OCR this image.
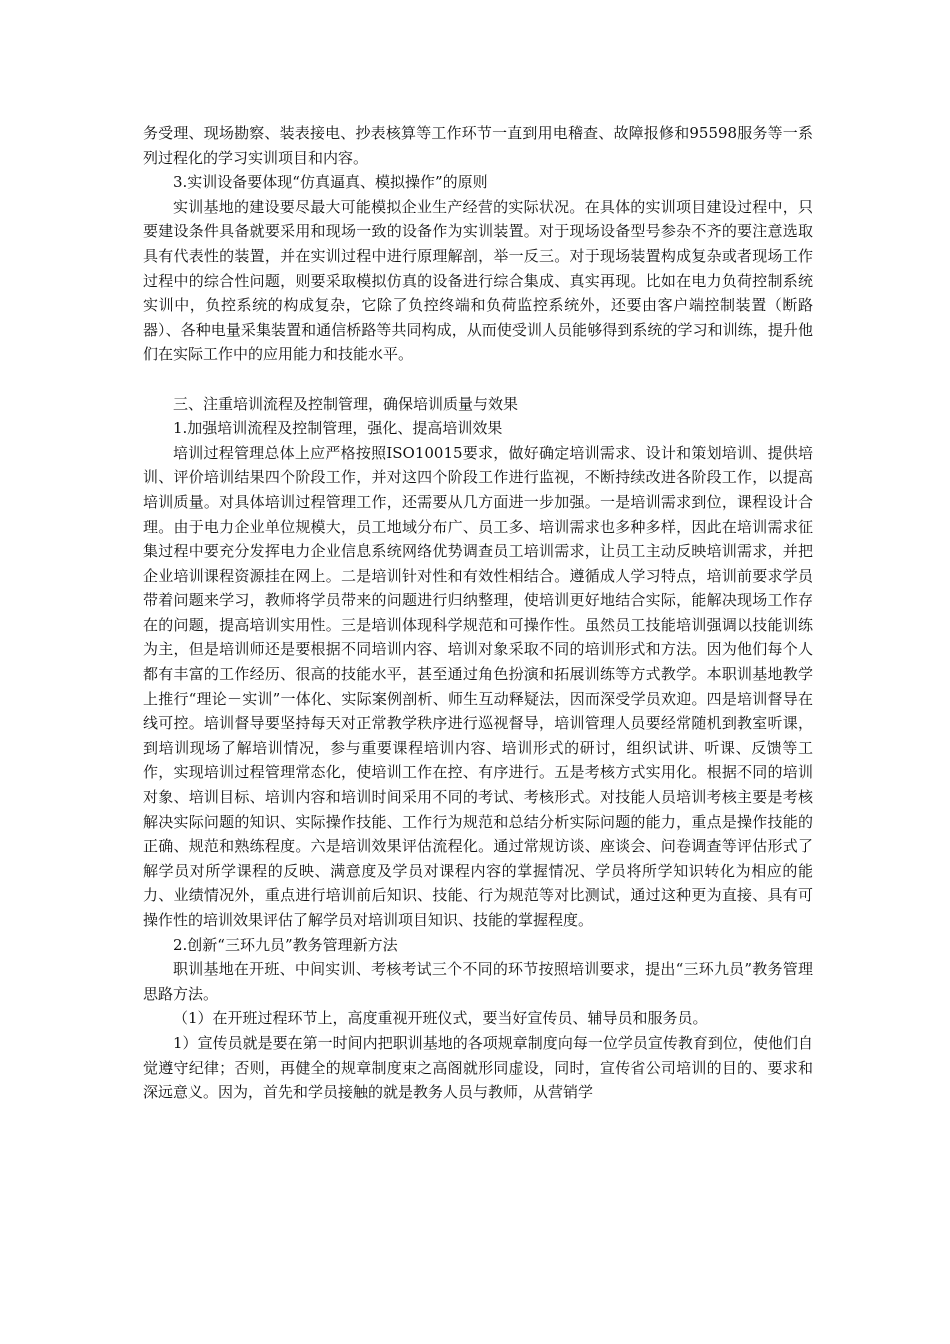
务受理、现场勘察、装表接电、抄表核算等工作环节一直到用电稽查、故障报修和95598服务等一系列过程化的学习实训项目和内容。

3.实训设备要体现“仿真逼真、模拟操作”的原则

实训基地的建设要尽最大可能模拟企业生产经营的实际状况。在具体的实训项目建设过程中，只要建设条件具备就要采用和现场一致的设备作为实训装置。对于现场设备型号参杂不齐的要注意选取具有代表性的装置，并在实训过程中进行原理解剖，举一反三。对于现场装置构成复杂或者现场工作过程中的综合性问题，则要采取模拟仿真的设备进行综合集成、真实再现。比如在电力负荷控制系统实训中，负控系统的构成复杂，它除了负控终端和负荷监控系统外，还要由客户端控制装置（断路器）、各种电量采集装置和通信桥路等共同构成，从而使受训人员能够得到系统的学习和训练，提升他们在实际工作中的应用能力和技能水平。

三、注重培训流程及控制管理，确保培训质量与效果

1.加强培训流程及控制管理，强化、提高培训效果

培训过程管理总体上应严格按照ISO10015要求，做好确定培训需求、设计和策划培训、提供培训、评价培训结果四个阶段工作，并对这四个阶段工作进行监视，不断持续改进各阶段工作，以提高培训质量。对具体培训过程管理工作，还需要从几方面进一步加强。一是培训需求到位，课程设计合理。由于电力企业单位规模大，员工地域分布广、员工多、培训需求也多种多样，因此在培训需求征集过程中要充分发挥电力企业信息系统网络优势调查员工培训需求，让员工主动反映培训需求，并把企业培训课程资源挂在网上。二是培训针对性和有效性相结合。遵循成人学习特点，培训前要求学员带着问题来学习，教师将学员带来的问题进行归纳整理，使培训更好地结合实际，能解决现场工作存在的问题，提高培训实用性。三是培训体现科学规范和可操作性。虽然员工技能培训强调以技能训练为主，但是培训师还是要根据不同培训内容、培训对象采取不同的培训形式和方法。因为他们每个人都有丰富的工作经历、很高的技能水平，甚至通过角色扮演和拓展训练等方式教学。本职训基地教学上推行“理论－实训”一体化、实际案例剖析、师生互动释疑法，因而深受学员欢迎。四是培训督导在线可控。培训督导要坚持每天对正常教学秩序进行巡视督导，培训管理人员要经常随机到教室听课，到培训现场了解培训情况，参与重要课程培训内容、培训形式的研讨，组织试讲、听课、反馈等工作，实现培训过程管理常态化，使培训工作在控、有序进行。五是考核方式实用化。根据不同的培训对象、培训目标、培训内容和培训时间采用不同的考试、考核形式。对技能人员培训考核主要是考核解决实际问题的知识、实际操作技能、工作行为规范和总结分析实际问题的能力，重点是操作技能的正确、规范和熟练程度。六是培训效果评估流程化。通过常规访谈、座谈会、问卷调查等评估形式了解学员对所学课程的反映、满意度及学员对课程内容的掌握情况、学员将所学知识转化为相应的能力、业绩情况外，重点进行培训前后知识、技能、行为规范等对比测试，通过这种更为直接、具有可操作性的培训效果评估了解学员对培训项目知识、技能的掌握程度。

2.创新“三环九员”教务管理新方法

职训基地在开班、中间实训、考核考试三个不同的环节按照培训要求，提出“三环九员”教务管理思路方法。

（1）在开班过程环节上，高度重视开班仪式，要当好宣传员、辅导员和服务员。

1）宣传员就是要在第一时间内把职训基地的各项规章制度向每一位学员宣传教育到位，使他们自觉遵守纪律；否则，再健全的规章制度束之高阁就形同虚设，同时，宣传省公司培训的目的、要求和深远意义。因为，首先和学员接触的就是教务人员与教师，从营销学
